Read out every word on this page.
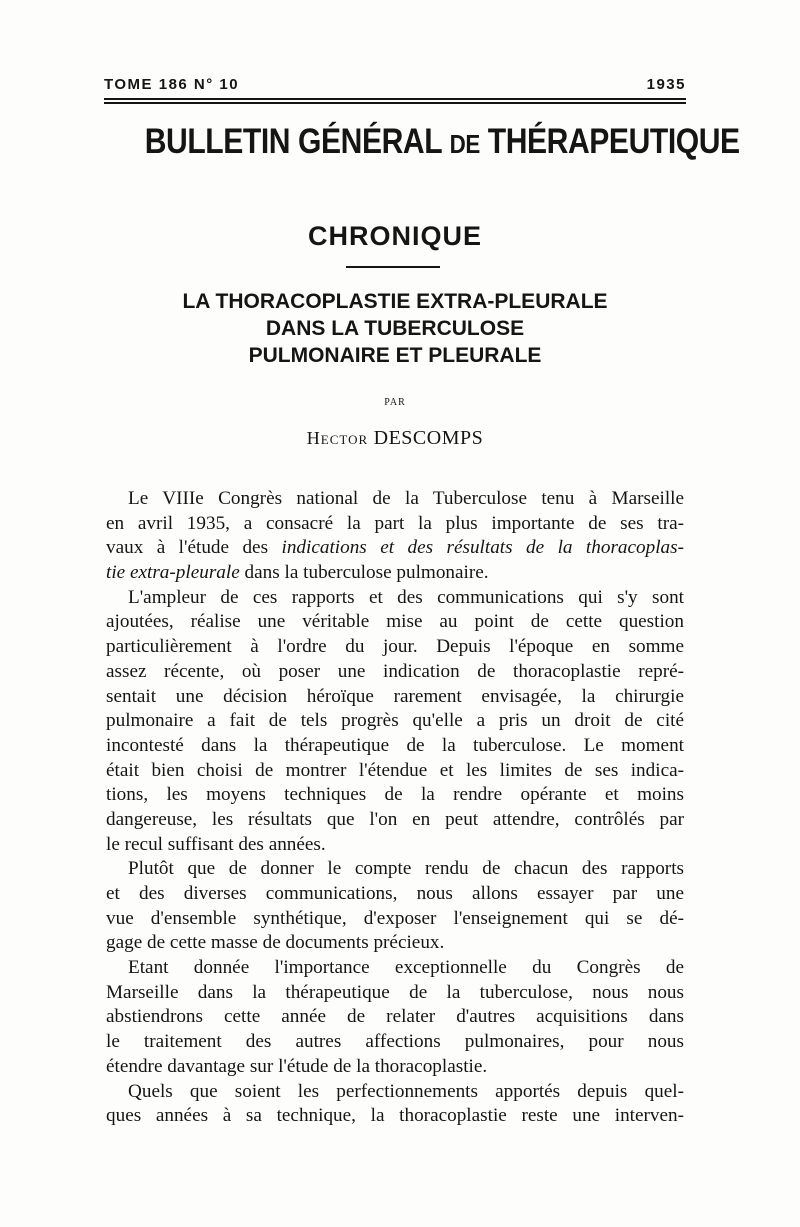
TOME 186 N° 10	1935
BULLETIN GÉNÉRAL DE THÉRAPEUTIQUE
CHRONIQUE
LA THORACOPLASTIE EXTRA-PLEURALE
DANS LA TUBERCULOSE
PULMONAIRE ET PLEURALE
PAR
Hector DESCOMPS
Le VIIIe Congrès national de la Tuberculose tenu à Marseille
en avril 1935, a consacré la part la plus importante de ses tra-
vaux à l'étude des indications et des résultats de la thoracoplas-
tie extra-pleurale dans la tuberculose pulmonaire.
L'ampleur de ces rapports et des communications qui s'y sont
ajoutées, réalise une véritable mise au point de cette question
particulièrement à l'ordre du jour. Depuis l'époque en somme
assez récente, où poser une indication de thoracoplastie repré-
sentait une décision héroïque rarement envisagée, la chirurgie
pulmonaire a fait de tels progrès qu'elle a pris un droit de cité
incontesté dans la thérapeutique de la tuberculose. Le moment
était bien choisi de montrer l'étendue et les limites de ses indica-
tions, les moyens techniques de la rendre opérante et moins
dangereuse, les résultats que l'on en peut attendre, contrôlés par
le recul suffisant des années.
Plutôt que de donner le compte rendu de chacun des rapports
et des diverses communications, nous allons essayer par une
vue d'ensemble synthétique, d'exposer l'enseignement qui se dé-
gage de cette masse de documents précieux.
Etant donnée l'importance exceptionnelle du Congrès de
Marseille dans la thérapeutique de la tuberculose, nous nous
abstiendrons cette année de relater d'autres acquisitions dans
le traitement des autres affections pulmonaires, pour nous
étendre davantage sur l'étude de la thoracoplastie.
Quels que soient les perfectionnements apportés depuis quel-
ques années à sa technique, la thoracoplastie reste une interven-
